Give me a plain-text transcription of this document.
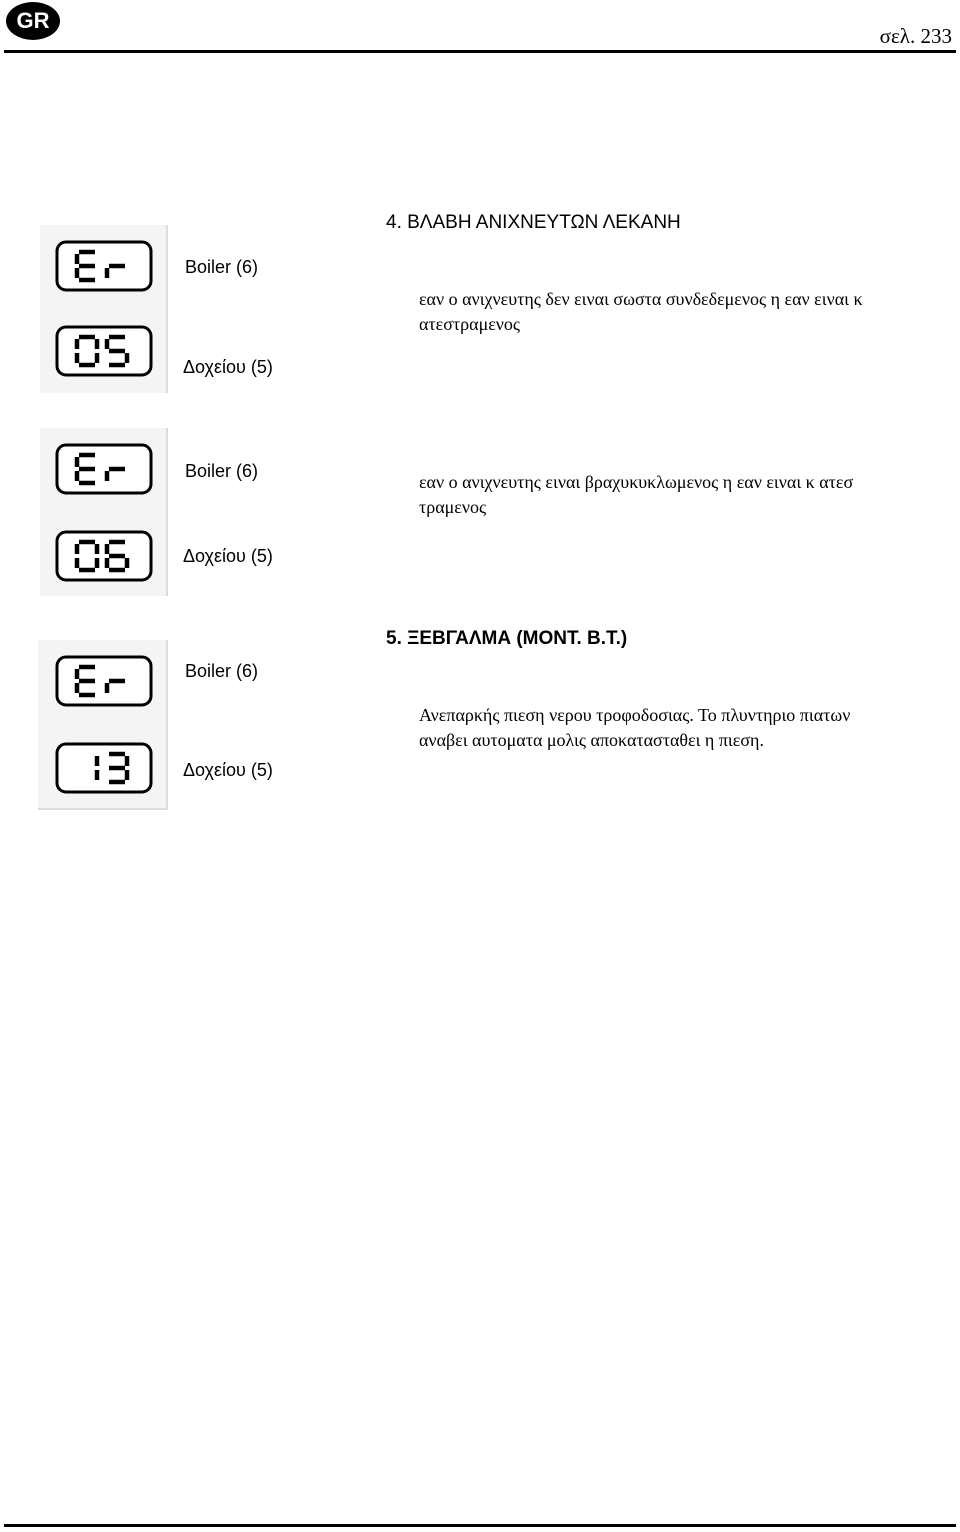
GR
σελ. 233
4. ΒΛΑΒΗ ΑΝΙΧΝΕΥΤΩΝ ΛΕΚΑΝΗ
Boiler (6)
Δοχείου (5)
εαν ο ανιχνευτης δεν ειναι σωστα συνδεδεμενος η εαν ειναι κ
ατεστραμενος
Boiler (6)
Δοχείου (5)
εαν ο ανιχνευτης ειναι βραχυκυκλωμενος η εαν ειναι κ ατεσ
τραμενος
Boiler (6)
Δοχείου (5)
5. ΞΕΒΓΑΛΜΑ (ΜΟΝΤ. Β.Τ.)
Ανεπαρκής πιεση νερου τροφοδοσιας. Το πλυντηριο πιατων
αναβει αυτοματα μολις αποκατασταθει η πιεση.
